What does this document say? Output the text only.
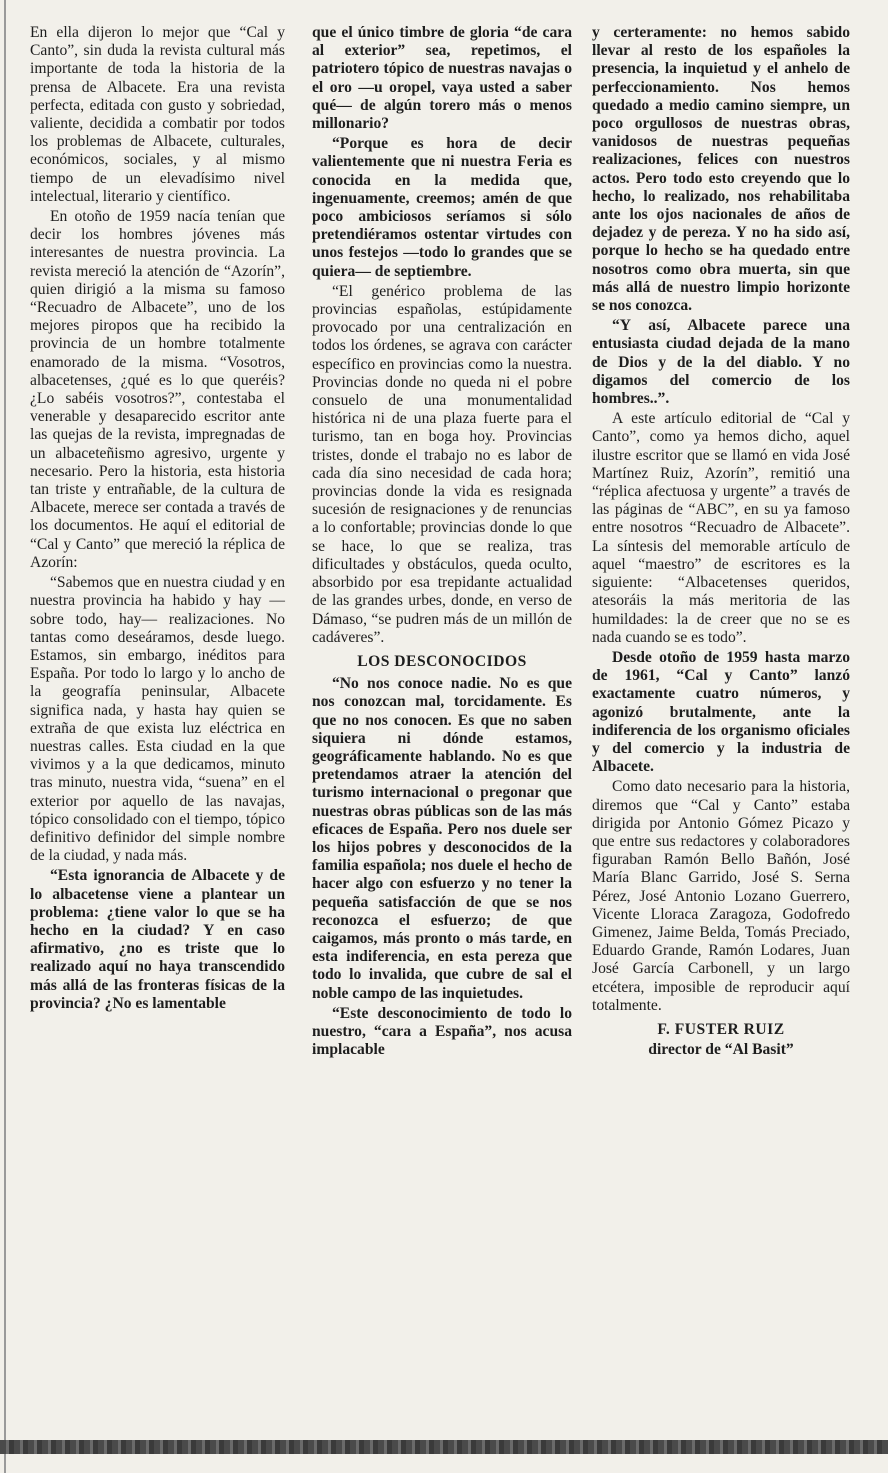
En ella dijeron lo mejor que “Cal y Canto”, sin duda la revista cultural más importante de toda la historia de la prensa de Albacete. Era una revista perfecta, editada con gusto y sobriedad, valiente, decidida a combatir por todos los problemas de Albacete, culturales, económicos, sociales, y al mismo tiempo de un elevadísimo nivel intelectual, literario y científico.

En otoño de 1959 nacía tenían que decir los hombres jóvenes más interesantes de nuestra provincia. La revista mereció la atención de “Azorín”, quien dirigió a la misma su famoso “Recuadro de Albacete”, uno de los mejores piropos que ha recibido la provincia de un hombre totalmente enamorado de la misma. “Vosotros, albacetenses, ¿qué es lo que queréis? ¿Lo sabéis vosotros?”, contestaba el venerable y desaparecido escritor ante las quejas de la revista, impregnadas de un albaceteñismo agresivo, urgente y necesario. Pero la historia, esta historia tan triste y entrañable, de la cultura de Albacete, merece ser contada a través de los documentos. He aquí el editorial de “Cal y Canto” que mereció la réplica de Azorín:

“Sabemos que en nuestra ciudad y en nuestra provincia ha habido y hay —sobre todo, hay— realizaciones. No tantas como deseáramos, desde luego. Estamos, sin embargo, inéditos para España. Por todo lo largo y lo ancho de la geografía peninsular, Albacete significa nada, y hasta hay quien se extraña de que exista luz eléctrica en nuestras calles. Esta ciudad en la que vivimos y a la que dedicamos, minuto tras minuto, nuestra vida, “suena” en el exterior por aquello de las navajas, tópico consolidado con el tiempo, tópico definitivo definidor del simple nombre de la ciudad, y nada más.

“Esta ignorancia de Albacete y de lo albacetense viene a plantear un problema: ¿tiene valor lo que se ha hecho en la ciudad? Y en caso afirmativo, ¿no es triste que lo realizado aquí no haya transcendido más allá de las fronteras físicas de la provincia? ¿No es lamentable

que el único timbre de gloria “de cara al exterior” sea, repetimos, el patriotero tópico de nuestras navajas o el oro —u oropel, vaya usted a saber qué— de algún torero más o menos millonario?

“Porque es hora de decir valientemente que ni nuestra Feria es conocida en la medida que, ingenuamente, creemos; amén de que poco ambiciosos seríamos si sólo pretendiéramos ostentar virtudes con unos festejos —todo lo grandes que se quiera— de septiembre.

“El genérico problema de las provincias españolas, estúpidamente provocado por una centralización en todos los órdenes, se agrava con carácter específico en provincias como la nuestra. Provincias donde no queda ni el pobre consuelo de una monumentalidad histórica ni de una plaza fuerte para el turismo, tan en boga hoy. Provincias tristes, donde el trabajo no es labor de cada día sino necesidad de cada hora; provincias donde la vida es resignada sucesión de resignaciones y de renuncias a lo confortable; provincias donde lo que se hace, lo que se realiza, tras dificultades y obstáculos, queda oculto, absorbido por esa trepidante actualidad de las grandes urbes, donde, en verso de Dámaso, “se pudren más de un millón de cadáveres”.

LOS DESCONOCIDOS

“No nos conoce nadie. No es que nos conozcan mal, torcidamente. Es que no nos conocen. Es que no saben siquiera ni dónde estamos, geográficamente hablando. No es que pretendamos atraer la atención del turismo internacional o pregonar que nuestras obras públicas son de las más eficaces de España. Pero nos duele ser los hijos pobres y desconocidos de la familia española; nos duele el hecho de hacer algo con esfuerzo y no tener la pequeña satisfacción de que se nos reconozca el esfuerzo; de que caigamos, más pronto o más tarde, en esta indiferencia, en esta pereza que todo lo invalida, que cubre de sal el noble campo de las inquietudes.

“Este desconocimiento de todo lo nuestro, “cara a España”, nos acusa implacable

y certeramente: no hemos sabido llevar al resto de los españoles la presencia, la inquietud y el anhelo de perfeccionamiento. Nos hemos quedado a medio camino siempre, un poco orgullosos de nuestras obras, vanidosos de nuestras pequeñas realizaciones, felices con nuestros actos. Pero todo esto creyendo que lo hecho, lo realizado, nos rehabilitaba ante los ojos nacionales de años de dejadez y de pereza. Y no ha sido así, porque lo hecho se ha quedado entre nosotros como obra muerta, sin que más allá de nuestro limpio horizonte se nos conozca.

“Y así, Albacete parece una entusiasta ciudad dejada de la mano de Dios y de la del diablo. Y no digamos del comercio de los hombres..”.

A este artículo editorial de “Cal y Canto”, como ya hemos dicho, aquel ilustre escritor que se llamó en vida José Martínez Ruiz, Azorín”, remitió una “réplica afectuosa y urgente” a través de las páginas de “ABC”, en su ya famoso entre nosotros “Recuadro de Albacete”. La síntesis del memorable artículo de aquel “maestro” de escritores es la siguiente: “Albacetenses queridos, atesoráis la más meritoria de las humildades: la de creer que no se es nada cuando se es todo”.

Desde otoño de 1959 hasta marzo de 1961, “Cal y Canto” lanzó exactamente cuatro números, y agonizó brutalmente, ante la indiferencia de los organismo oficiales y del comercio y la industria de Albacete.

Como dato necesario para la historia, diremos que “Cal y Canto” estaba dirigida por Antonio Gómez Picazo y que entre sus redactores y colaboradores figuraban Ramón Bello Bañón, José María Blanc Garrido, José S. Serna Pérez, José Antonio Lozano Guerrero, Vicente Lloraca Zaragoza, Godofredo Gimenez, Jaime Belda, Tomás Preciado, Eduardo Grande, Ramón Lodares, Juan José García Carbonell, y un largo etcétera, imposible de reproducir aquí totalmente.

F. FUSTER RUIZ

director de “Al Basit”
